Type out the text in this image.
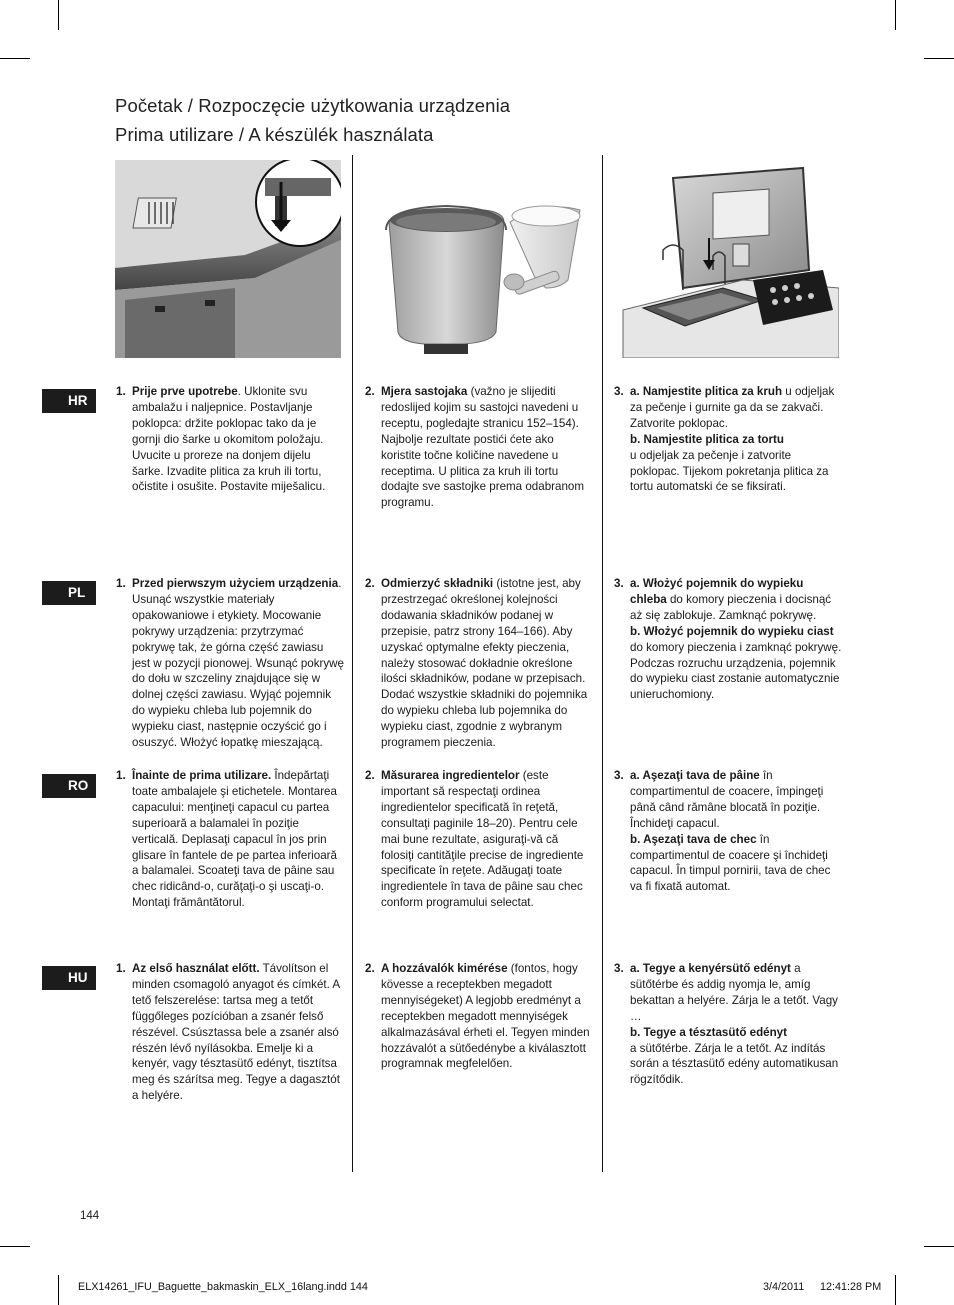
Početak / Rozpoczęcie użytkowania urządzenia
Prima utilizare / A készülék használata
HR
1. Prije prve upotrebe. Uklonite svu ambalažu i naljepnice. Postavljanje poklopca: držite poklopac tako da je gornji dio šarke u okomitom položaju. Uvucite u proreze na donjem dijelu šarke. Izvadite plitica za kruh ili tortu, očistite i osušite. Postavite miješalicu.

2. Mjera sastojaka (važno je slijediti redoslijed kojim su sastojci navedeni u receptu, pogledajte stranicu 152–154). Najbolje rezultate postići ćete ako koristite točne količine navedene u receptima. U plitica za kruh ili tortu dodajte sve sastojke prema odabranom programu.

3. a. Namjestite plitica za kruh u odjeljak za pečenje i gurnite ga da se zakvači. Zatvorite poklopac.

b. Namjestite plitica za tortu
u odjeljak za pečenje i zatvorite poklopac. Tijekom pokretanja plitica za tortu automatski će se fiksirati.

PL
1. Przed pierwszym użyciem urządzenia. Usunąć wszystkie materiały opakowaniowe i etykiety. Mocowanie pokrywy urządzenia: przytrzymać pokrywę tak, że górna część zawiasu jest w pozycji pionowej. Wsunąć pokrywę do dołu w szczeliny znajdujące się w dolnej części zawiasu. Wyjąć pojemnik do wypieku chleba lub pojemnik do wypieku ciast, następnie oczyścić go i osuszyć. Włożyć łopatkę mieszającą.

2. Odmierzyć składniki (istotne jest, aby przestrzegać określonej kolejności dodawania składników podanej w przepisie, patrz strony 164–166). Aby uzyskać optymalne efekty pieczenia, należy stosować dokładnie określone ilości składników, podane w przepisach. Dodać wszystkie składniki do pojemnika do wypieku chleba lub pojemnika do wypieku ciast, zgodnie z wybranym programem pieczenia.

3. a. Włożyć pojemnik do wypieku chleba do komory pieczenia i docisnąć aż się zablokuje. Zamknąć pokrywę.

b. Włożyć pojemnik do wypieku ciast do komory pieczenia i zamknąć pokrywę. Podczas rozruchu urządzenia, pojemnik do wypieku ciast zostanie automatycznie unieruchomiony.

RO
1. Înainte de prima utilizare. Îndepărtaţi toate ambalajele şi etichetele. Montarea capacului: menţineţi capacul cu partea superioară a balamalei în poziţie verticală. Deplasaţi capacul în jos prin glisare în fantele de pe partea inferioară a balamalei. Scoateţi tava de pâine sau chec ridicând-o, curăţaţi-o şi uscaţi-o. Montaţi frământătorul.

2. Măsurarea ingredientelor (este important să respectaţi ordinea ingredientelor specificată în reţetă, consultaţi paginile 18–20). Pentru cele mai bune rezultate, asiguraţi-vă că folosiţi cantităţile precise de ingrediente specificate în reţete. Adăugaţi toate ingredientele în tava de pâine sau chec conform programului selectat.

3. a. Aşezaţi tava de pâine în compartimentul de coacere, împingeţi până când rămâne blocată în poziţie. Închideţi capacul.

b. Aşezaţi tava de chec în compartimentul de coacere şi închideţi capacul. În timpul pornirii, tava de chec va fi fixată automat.

HU
1. Az első használat előtt. Távolítson el minden csomagoló anyagot és címkét. A tető felszerelése: tartsa meg a tetőt függőleges pozícióban a zsanér felső részével. Csúsztassa bele a zsanér alsó részén lévő nyílásokba. Emelje ki a kenyér, vagy tésztasütő edényt, tisztítsa meg és szárítsa meg. Tegye a dagasztót a helyére.

2. A hozzávalók kimérése (fontos, hogy kövesse a receptekben megadott mennyiségeket) A legjobb eredményt a receptekben megadott mennyiségek alkalmazásával érheti el. Tegyen minden hozzávalót a sütőedénybe a kiválasztott programnak megfelelően.

3. a. Tegye a kenyérsütő edényt a sütőtérbe és addig nyomja le, amíg bekattan a helyére. Zárja le a tetőt. Vagy …

b. Tegye a tésztasütő edényt
a sütőtérbe. Zárja le a tetőt. Az indítás során a tésztasütő edény automatikusan rögzítődik.

144
ELX14261_IFU_Baguette_bakmaskin_ELX_16lang.indd 144	3/4/2011 12:41:28 PM
